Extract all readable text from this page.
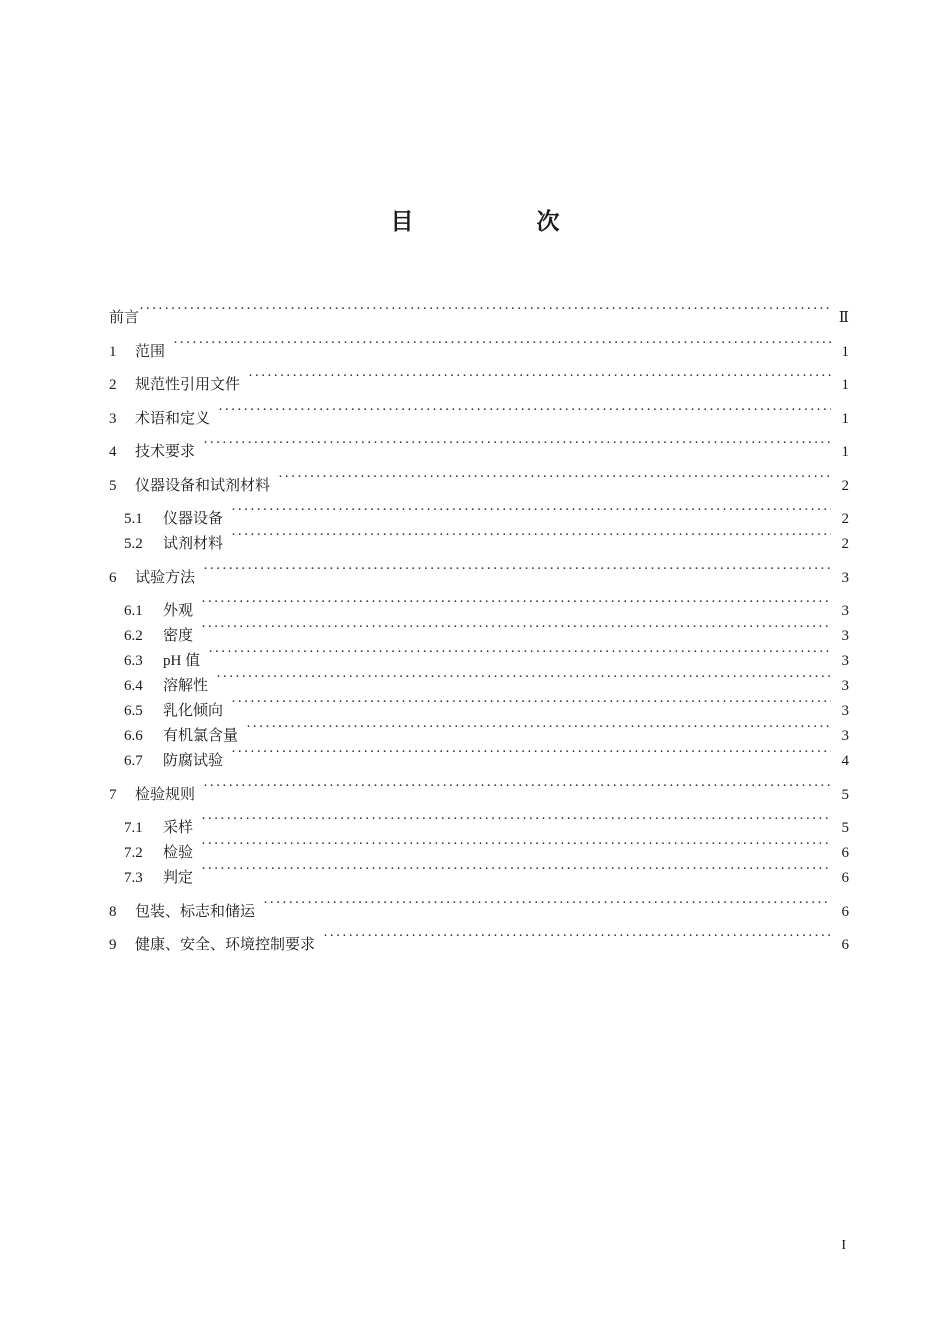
目　次
前言 ·····	Ⅱ
1	范围 ·····	1
2	规范性引用文件 ·····	1
3	术语和定义 ·····	1
4	技术要求 ·····	1
5	仪器设备和试剂材料 ·····	2
5.1	仪器设备 ·····	2
5.2	试剂材料 ·····	2
6	试验方法 ·····	3
6.1	外观 ·····	3
6.2	密度 ·····	3
6.3	pH 值 ·····	3
6.4	溶解性 ·····	3
6.5	乳化倾向 ·····	3
6.6	有机氯含量 ·····	3
6.7	防腐试验 ·····	4
7	检验规则 ·····	5
7.1	采样 ·····	5
7.2	检验 ·····	6
7.3	判定 ·····	6
8	包装、标志和储运 ·····	6
9	健康、安全、环境控制要求 ·····	6
I
